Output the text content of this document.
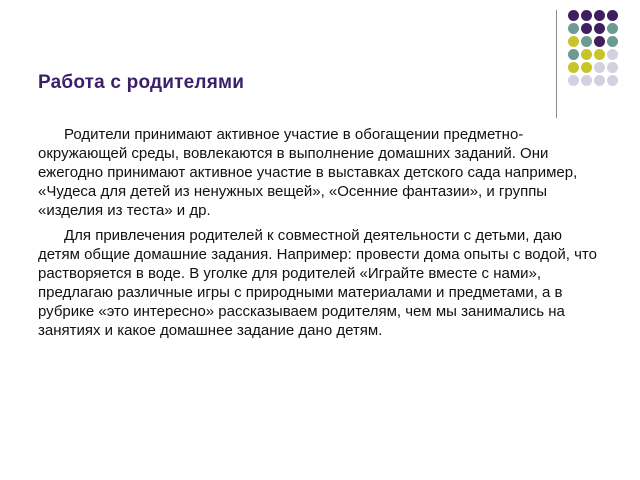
Работа с родителями

Родители принимают активное участие в обогащении предметно-окружающей среды, вовлекаются в выполнение домашних заданий. Они ежегодно принимают активное участие в выставках детского сада например, «Чудеса для детей из ненужных вещей», «Осенние фантазии», и группы «изделия из теста» и др.

Для привлечения родителей к совместной деятельности с детьми, даю детям общие домашние задания. Например: провести дома опыты с водой, что растворяется в воде. В уголке для родителей «Играйте вместе с нами», предлагаю различные игры с природными материалами и предметами, а в рубрике «это интересно» рассказываем родителям, чем мы занимались на занятиях и какое домашнее задание дано детям.
